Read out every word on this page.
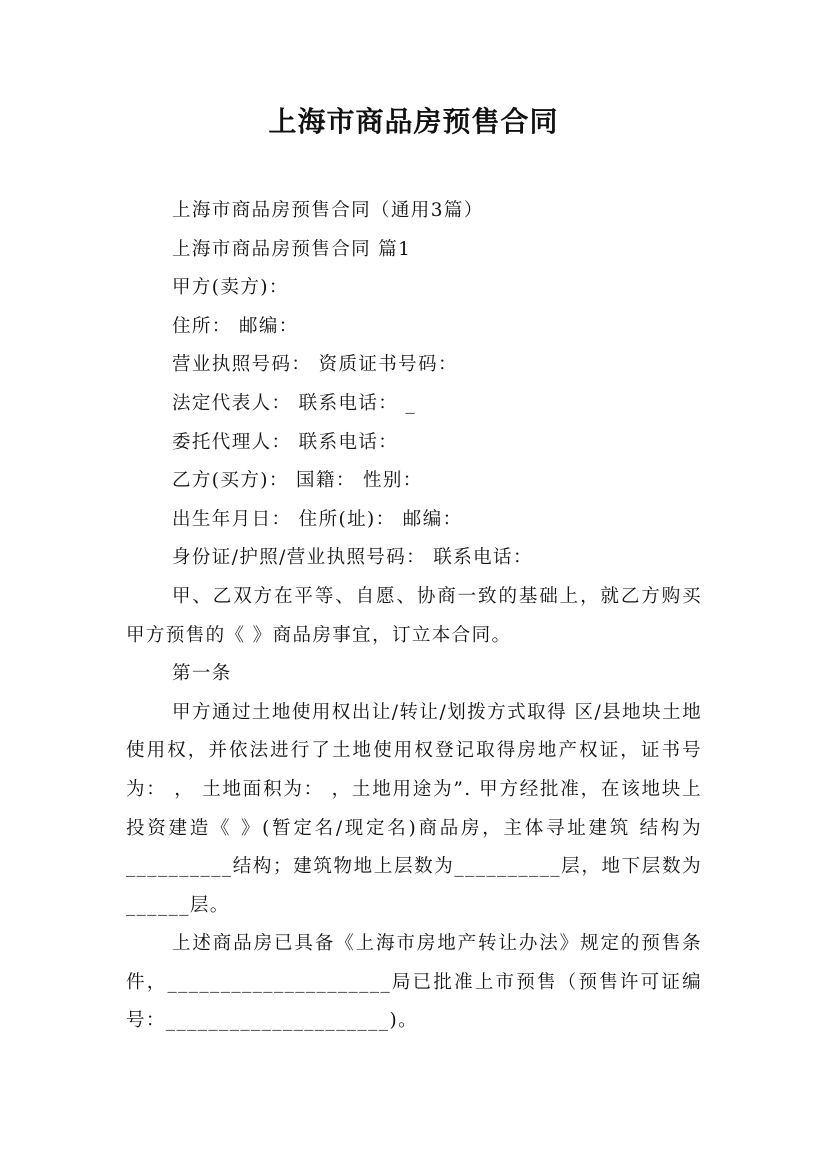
上海市商品房预售合同

上海市商品房预售合同（通用3篇）

上海市商品房预售合同 篇1

甲方(卖方)：

住所： 邮编：

营业执照号码： 资质证书号码：

法定代表人： 联系电话： _

委托代理人： 联系电话：

乙方(买方)： 国籍： 性别：

出生年月日： 住所(址)： 邮编：

身份证/护照/营业执照号码： 联系电话：

甲、乙双方在平等、自愿、协商一致的基础上，就乙方购买甲方预售的《 》商品房事宜，订立本合同。

第一条

甲方通过土地使用权出让/转让/划拨方式取得 区/县地块土地使用权，并依法进行了土地使用权登记取得房地产权证，证书号为： ， 土地面积为： ，土地用途为”. 甲方经批准，在该地块上投资建造《 》(暂定名/现定名)商品房，主体寻址建筑 结构为__________结构；建筑物地上层数为__________层，地下层数为______层。

上述商品房已具备《上海市房地产转让办法》规定的预售条件，_____________________局已批准上市预售（预售许可证编号：_____________________)。
